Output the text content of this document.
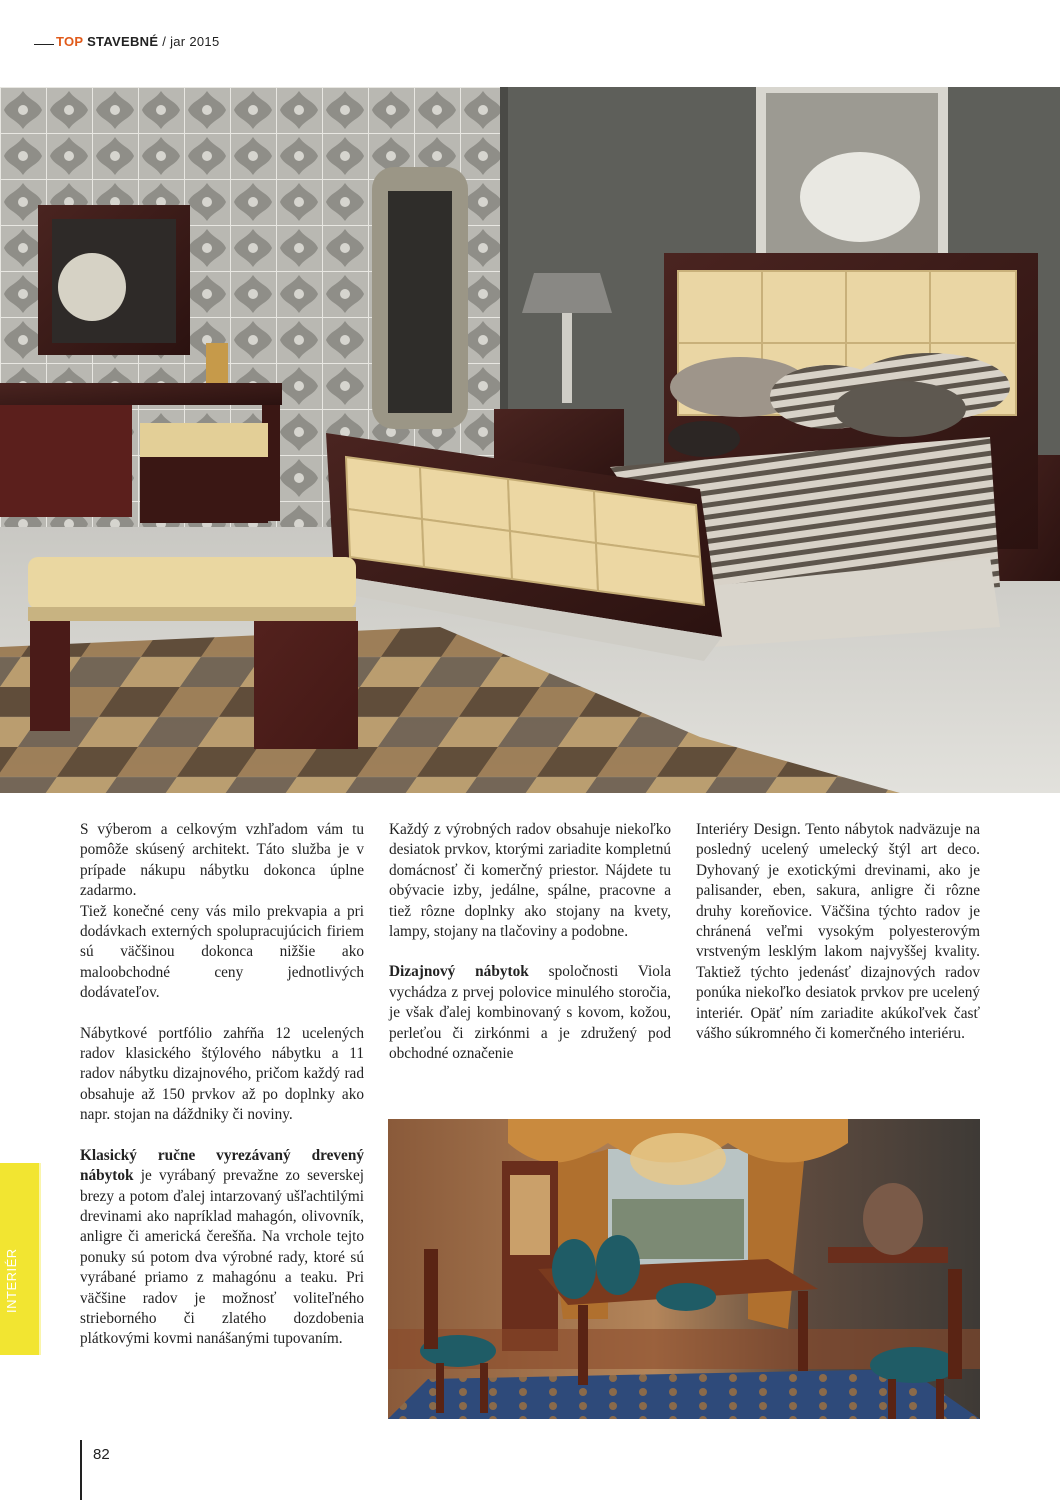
TOP STAVEBNÉ / jar 2015

S výberom a celkovým vzhľadom vám tu pomôže skúsený architekt. Táto služba je v prípade nákupu nábytku dokonca úplne zadarmo.

Tiež konečné ceny vás milo prekvapia a pri dodávkach externých spolupracujúcich firiem sú väčšinou dokonca nižšie ako maloobchodné ceny jednotlivých dodávateľov.

Nábytkové portfólio zahŕňa 12 ucelených radov klasického štýlového nábytku a 11 radov nábytku dizajnového, pričom každý rad obsahuje až 150 prvkov až po doplnky ako napr. stojan na dáždniky či noviny.

Klasický ručne vyrezávaný drevený nábytok je vyrábaný prevažne zo severskej brezy a potom ďalej intarzovaný ušľachtilými drevinami ako napríklad mahagón, olivovník, anligre či americká čerešňa. Na vrchole tejto ponuky sú potom dva výrobné rady, ktoré sú vyrábané priamo z mahagónu a teaku. Pri väčšine radov je možnosť voliteľného strieborného či zlatého dozdobenia plátkovými kovmi nanášanými tupovaním.

Každý z výrobných radov obsahuje niekoľko desiatok prvkov, ktorými zariadite kompletnú domácnosť či komerčný priestor. Nájdete tu obývacie izby, jedálne, spálne, pracovne a tiež rôzne doplnky ako stojany na kvety, lampy, stojany na tlačoviny a podobne.

Dizajnový nábytok spoločnosti Viola vychádza z prvej polovice minulého storočia, je však ďalej kombinovaný s kovom, kožou, perleťou či zirkónmi a je združený pod obchodné označenie

Interiéry Design. Tento nábytok nadväzuje na posledný ucelený umelecký štýl art deco. Dyhovaný je exotickými drevinami, ako je palisander, eben, sakura, anligre či rôzne druhy koreňovice. Väčšina týchto radov je chránená veľmi vysokým polyesterovým vrstveným lesklým lakom najvyššej kvality. Taktiež týchto jedenásť dizajnových radov ponúka niekoľko desiatok prvkov pre ucelený interiér. Opäť ním zariadite akúkoľvek časť vášho súkromného či komerčného interiéru.

INTERIÉR
82
